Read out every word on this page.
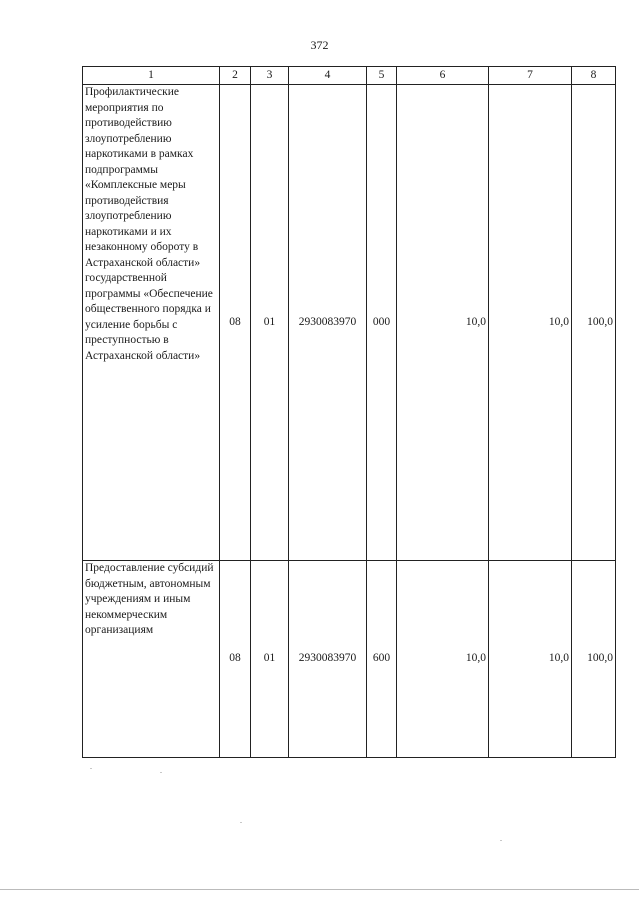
372
1	2	3	4	5	6	7	8
Профилактические мероприятия по противодействию злоупотреблению наркотиками в рамках подпрограммы «Комплексные меры противодействия злоупотреблению наркотиками и их незаконному обороту в Астраханской области» государственной программы «Обеспечение общественного порядка и усиление борьбы с преступностью в Астраханской области»	08	01	2930083970	000	10,0	10,0	100,0
Предоставление субсидий бюджетным, автономным учреждениям и иным некоммерческим организациям	08	01	2930083970	600	10,0	10,0	100,0
